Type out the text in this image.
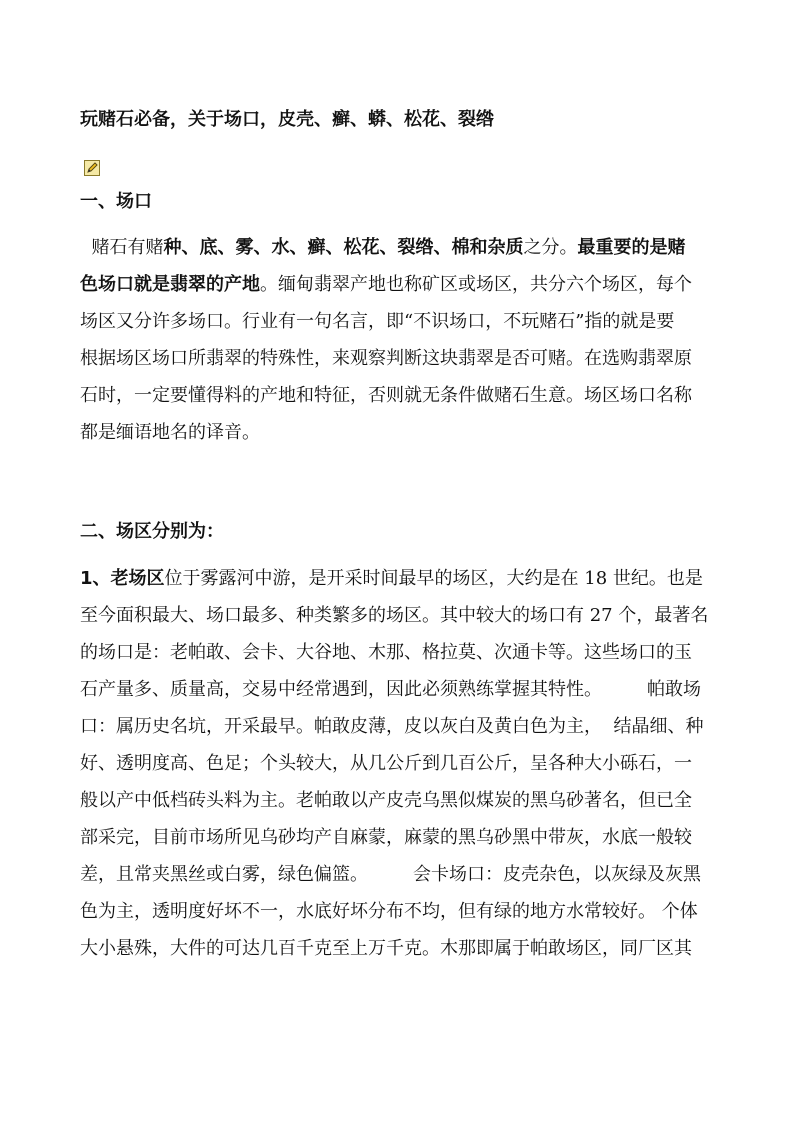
玩赌石必备，关于场口，皮壳、癣、蟒、松花、裂绺
一、场口
赌石有赌种、底、雾、水、癣、松花、裂绺、棉和杂质之分。最重要的是赌
色场口就是翡翠的产地。缅甸翡翠产地也称矿区或场区，共分六个场区，每个
场区又分许多场口。行业有一句名言，即“不识场口，不玩赌石”指的就是要
根据场区场口所翡翠的特殊性，来观察判断这块翡翠是否可赌。在选购翡翠原
石时，一定要懂得料的产地和特征，否则就无条件做赌石生意。场区场口名称
都是缅语地名的译音。
二、场区分别为：
1、老场区位于雾露河中游，是开采时间最早的场区，大约是在 18 世纪。也是
至今面积最大、场口最多、种类繁多的场区。其中较大的场口有 27 个，最著名
的场口是：老帕敢、会卡、大谷地、木那、格拉莫、次通卡等。这些场口的玉
石产量多、质量高，交易中经常遇到，因此必须熟练掌握其特性。　　　帕敢场
口：属历史名坑，开采最早。帕敢皮薄，皮以灰白及黄白色为主，  结晶细、种
好、透明度高、色足；个头较大，从几公斤到几百公斤，呈各种大小砾石，一
般以产中低档砖头料为主。老帕敢以产皮壳乌黑似煤炭的黑乌砂著名，但已全
部采完，目前市场所见乌砂均产自麻蒙，麻蒙的黑乌砂黑中带灰，水底一般较
差，且常夹黑丝或白雾，绿色偏篮。　　　会卡场口：皮壳杂色，以灰绿及灰黑
色为主，透明度好坏不一，水底好坏分布不均，但有绿的地方水常较好。 个体
大小悬殊，大件的可达几百千克至上万千克。木那即属于帕敢场区，同厂区其
